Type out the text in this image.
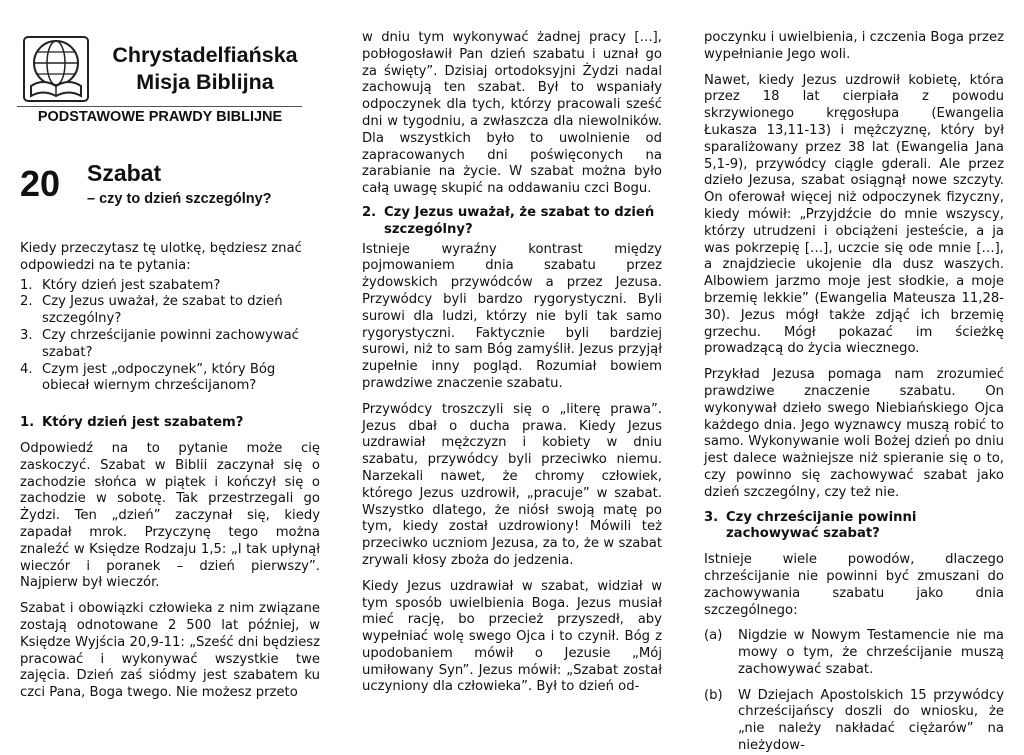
Chrystadelfiańska
Misja Biblijna
PODSTAWOWE PRAWDY BIBLIJNE
20 Szabat
– czy to dzień szczególny?

Kiedy przeczytasz tę ulotkę, będziesz znać odpowiedzi na te pytania:

1. Który dzień jest szabatem?
2. Czy Jezus uważał, że szabat to dzień szczególny?
3. Czy chrześcijanie powinni zachowywać szabat?
4. Czym jest „odpoczynek”, który Bóg obiecał wiernym chrześcijanom?
1. Który dzień jest szabatem?

Odpowiedź na to pytanie może cię zaskoczyć. Szabat w Biblii zaczynał się o zachodzie słońca w piątek i kończył się o zachodzie w sobotę. Tak przestrzegali go Żydzi. Ten „dzień” zaczynał się, kiedy zapadał mrok. Przyczynę tego można znaleźć w Księdze Rodzaju 1,5: „I tak upłynął wieczór i poranek – dzień pierwszy”. Najpierw był wieczór.

Szabat i obowiązki człowieka z nim związane zostają odnotowane 2 500 lat później, w Księdze Wyjścia 20,9-11: „Sześć dni będziesz pracować i wykonywać wszystkie twe zajęcia. Dzień zaś siódmy jest szabatem ku czci Pana, Boga twego. Nie możesz przeto

w dniu tym wykonywać żadnej pracy […], pobłogosławił Pan dzień szabatu i uznał go za święty”. Dzisiaj ortodoksyjni Żydzi nadal zachowują ten szabat. Był to wspaniały odpoczynek dla tych, którzy pracowali sześć dni w tygodniu, a zwłaszcza dla niewolników. Dla wszystkich było to uwolnienie od zapracowanych dni poświęconych na zarabianie na życie. W szabat można było całą uwagę skupić na oddawaniu czci Bogu.

2. Czy Jezus uważał, że szabat to dzień szczególny?

Istnieje wyraźny kontrast między pojmowaniem dnia szabatu przez żydowskich przywódców a przez Jezusa. Przywódcy byli bardzo rygorystyczni. Byli surowi dla ludzi, którzy nie byli tak samo rygorystyczni. Faktycznie byli bardziej surowi, niż to sam Bóg zamyślił. Jezus przyjął zupełnie inny pogląd. Rozumiał bowiem prawdziwe znaczenie szabatu.

Przywódcy troszczyli się o „literę prawa”. Jezus dbał o ducha prawa. Kiedy Jezus uzdrawiał mężczyzn i kobiety w dniu szabatu, przywódcy byli przeciwko niemu. Narzekali nawet, że chromy człowiek, którego Jezus uzdrowił, „pracuje” w szabat. Wszystko dlatego, że niósł swoją matę po tym, kiedy został uzdrowiony! Mówili też przeciwko uczniom Jezusa, za to, że w szabat zrywali kłosy zboża do jedzenia.

Kiedy Jezus uzdrawiał w szabat, widział w tym sposób uwielbienia Boga. Jezus musiał mieć rację, bo przecież przyszedł, aby wypełniać wolę swego Ojca i to czynił. Bóg z upodobaniem mówił o Jezusie „Mój umiłowany Syn”. Jezus mówił: „Szabat został uczyniony dla człowieka”. Był to dzień od-

poczynku i uwielbienia, i czczenia Boga przez wypełnianie Jego woli.

Nawet, kiedy Jezus uzdrowił kobietę, która przez 18 lat cierpiała z powodu skrzywionego kręgosłupa (Ewangelia Łukasza 13,11-13) i mężczyznę, który był sparaliżowany przez 38 lat (Ewangelia Jana 5,1-9), przywódcy ciągle gderali. Ale przez dzieło Jezusa, szabat osiągnął nowe szczyty. On oferował więcej niż odpoczynek fizyczny, kiedy mówił: „Przyjdźcie do mnie wszyscy, którzy utrudzeni i obciążeni jesteście, a ja was pokrzepię […], uczcie się ode mnie […], a znajdziecie ukojenie dla dusz waszych. Albowiem jarzmo moje jest słodkie, a moje brzemię lekkie” (Ewangelia Mateusza 11,28-30). Jezus mógł także zdjąć ich brzemię grzechu. Mógł pokazać im ścieżkę prowadzącą do życia wiecznego.

Przykład Jezusa pomaga nam zrozumieć prawdziwe znaczenie szabatu. On wykonywał dzieło swego Niebiańskiego Ojca każdego dnia. Jego wyznawcy muszą robić to samo. Wykonywanie woli Bożej dzień po dniu jest dalece ważniejsze niż spieranie się o to, czy powinno się zachowywać szabat jako dzień szczególny, czy też nie.

3. Czy chrześcijanie powinni zachowywać szabat?

Istnieje wiele powodów, dlaczego chrześcijanie nie powinni być zmuszani do zachowywania szabatu jako dnia szczególnego:

(a)	Nigdzie w Nowym Testamencie nie ma mowy o tym, że chrześcijanie muszą zachowywać szabat.
(b)	W Dziejach Apostolskich 15 przywódcy chrześcijańscy doszli do wniosku, że „nie należy nakładać ciężarów” na nieżydow-
